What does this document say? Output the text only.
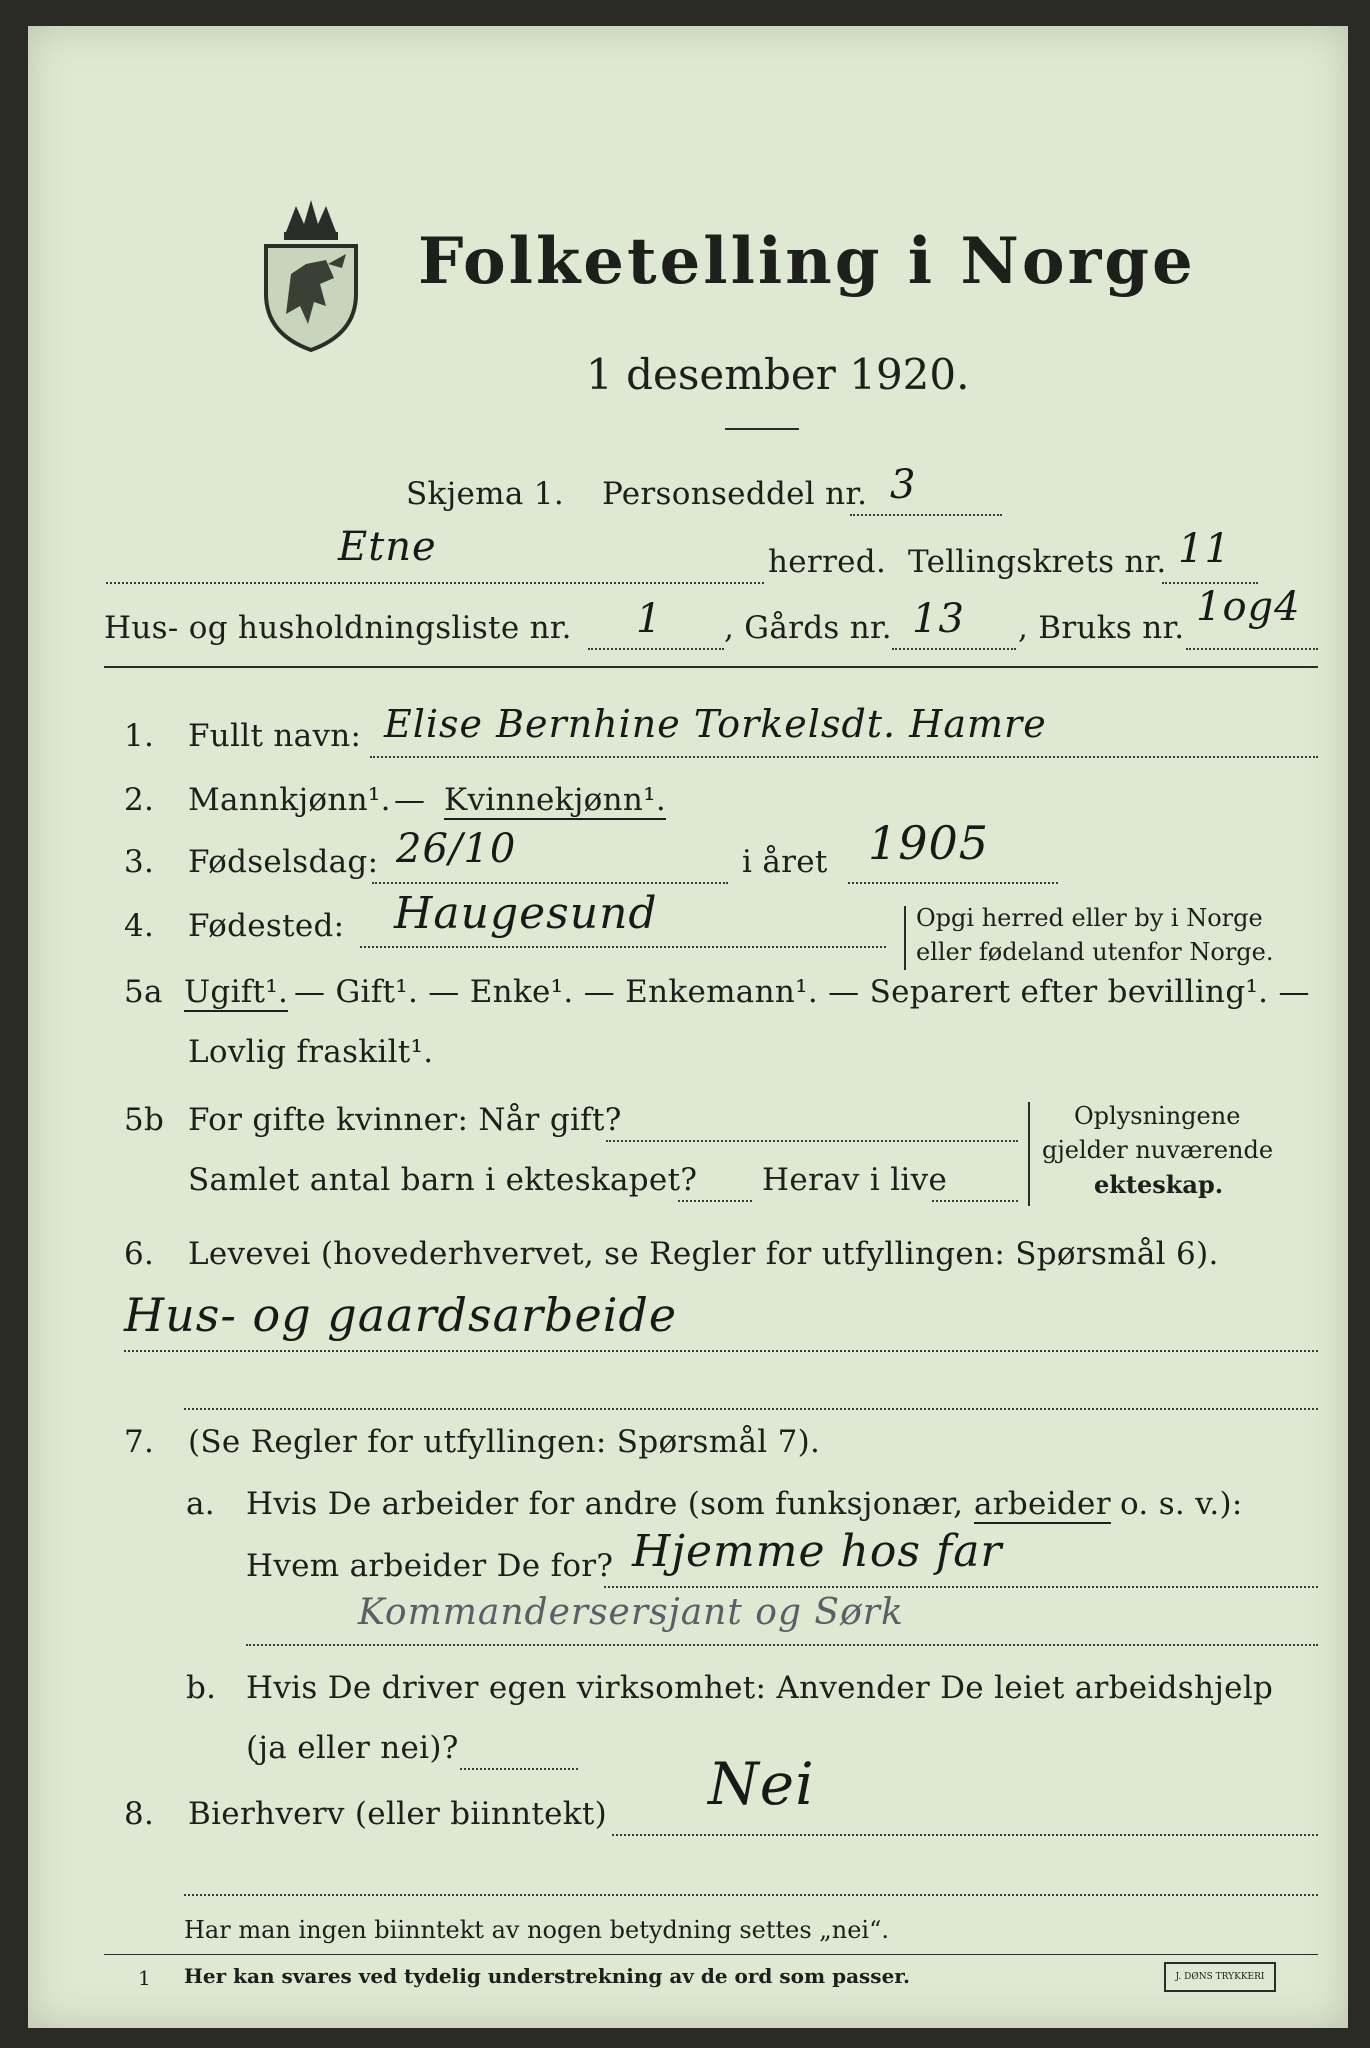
Folketelling i Norge
1 desember 1920.
Skjema 1. Personseddel nr. 3
Etne	herred. Tellingskrets nr. 11
Hus- og husholdningsliste nr. 1 , Gårds nr. 13 , Bruks nr. 1og4
1. Fullt navn: Elise Bernhine Torkelsdt. Hamre
2. Mannkjønn¹. — Kvinnekjønn¹.
3. Fødselsdag: 26/10	i året 1905
4. Fødested: Haugesund	Opgi herred eller by i Norge
eller fødeland utenfor Norge.
5a Ugift¹. — Gift¹. — Enke¹. — Enkemann¹. — Separert efter bevilling¹. —
Lovlig fraskilt¹.
5b For gifte kvinner: Når gift?
Samlet antal barn i ekteskapet? Herav i live
Oplysningene
gjelder nuværende
ekteskap.
6. Levevei (hovederhvervet, se Regler for utfyllingen: Spørsmål 6).
Hus- og gaardsarbeide
7. (Se Regler for utfyllingen: Spørsmål 7).
a. Hvis De arbeider for andre (som funksjonær, arbeider o. s. v.):
Hvem arbeider De for? Hjemme hos far
Kommandersersjant og Sørk
b. Hvis De driver egen virksomhet: Anvender De leiet arbeidshjelp
(ja eller nei)?
8. Bierhverv (eller biinntekt) Nei
Har man ingen biinntekt av nogen betydning settes „nei“.
1 Her kan svares ved tydelig understrekning av de ord som passer.	J. DØNS TRYKKERI
